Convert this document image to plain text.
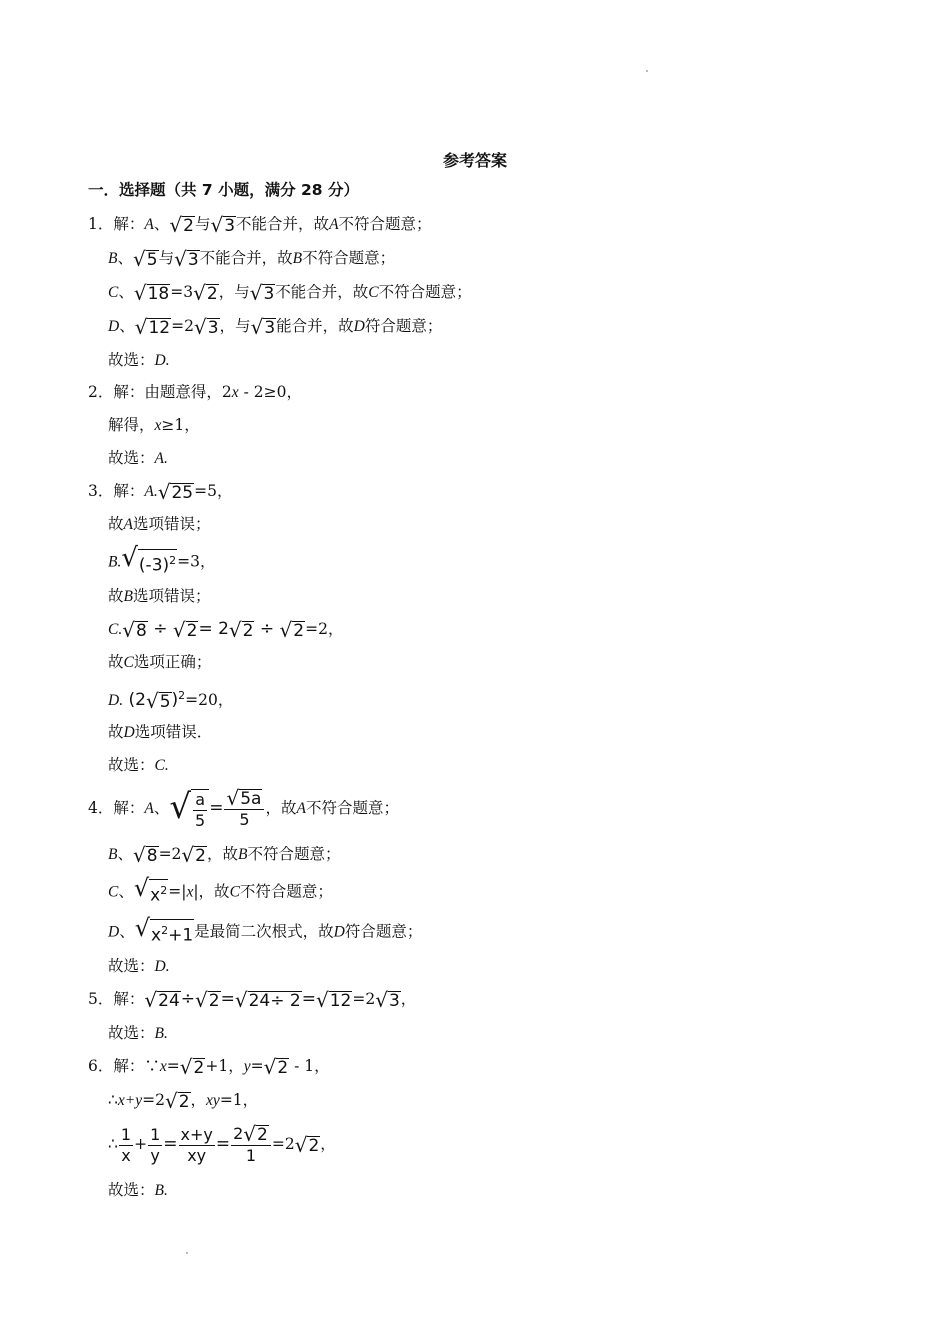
参考答案
一．选择题（共 7 小题，满分 28 分）
1．解：A、 √ 2 与 √ 3 不能合并，故A不符合题意；
B、 √ 5 与 √ 3 不能合并，故B不符合题意；
C、 √ 18 =3 √ 2 ，与 √ 3 不能合并，故C不符合题意；
D、 √ 12 =2 √ 3 ，与 √ 3 能合并，故D符合题意；
故选：D.
2．解：由题意得，2x - 2≥0，
解得，x≥1，
故选：A.
3．解：A. √ 25 =5，
故A选项错误；
B. √ $(-3)^2 =3$，
故B选项错误；
C. √ 8 ÷ √ 2 = 2 √ 2 ÷ √ 2 =2，
故C选项正确；
D. (2 √ 5 )$^2$=20，
故D选项错误．
故选：C.
4．解：A、 √ $\frac{a}{5} = \frac{√ 5a}{5}$ ，故A不符合题意；
B、 √ 8 =2 √ 2 ，故B不符合题意；
C、 √ $x^2 =|x|$，故C不符合题意；
D、 √ $x^2+1$ 是最简二次根式，故D符合题意；
故选：D.
5．解： √ 24 ÷ √ 2 = √ 24÷ 2 = √ 12 =2 √ 3 ，
故选：B.
6．解：∵x= √ 2 +1，y= √ 2 - 1，
∴x+y=2 √ 2 ，xy=1，
∴ $\frac{1}{x} + \frac{1}{y} = \frac{x+y}{xy} = \frac{2 √ 2}{1} =2$ √ 2 ，
故选：B.
